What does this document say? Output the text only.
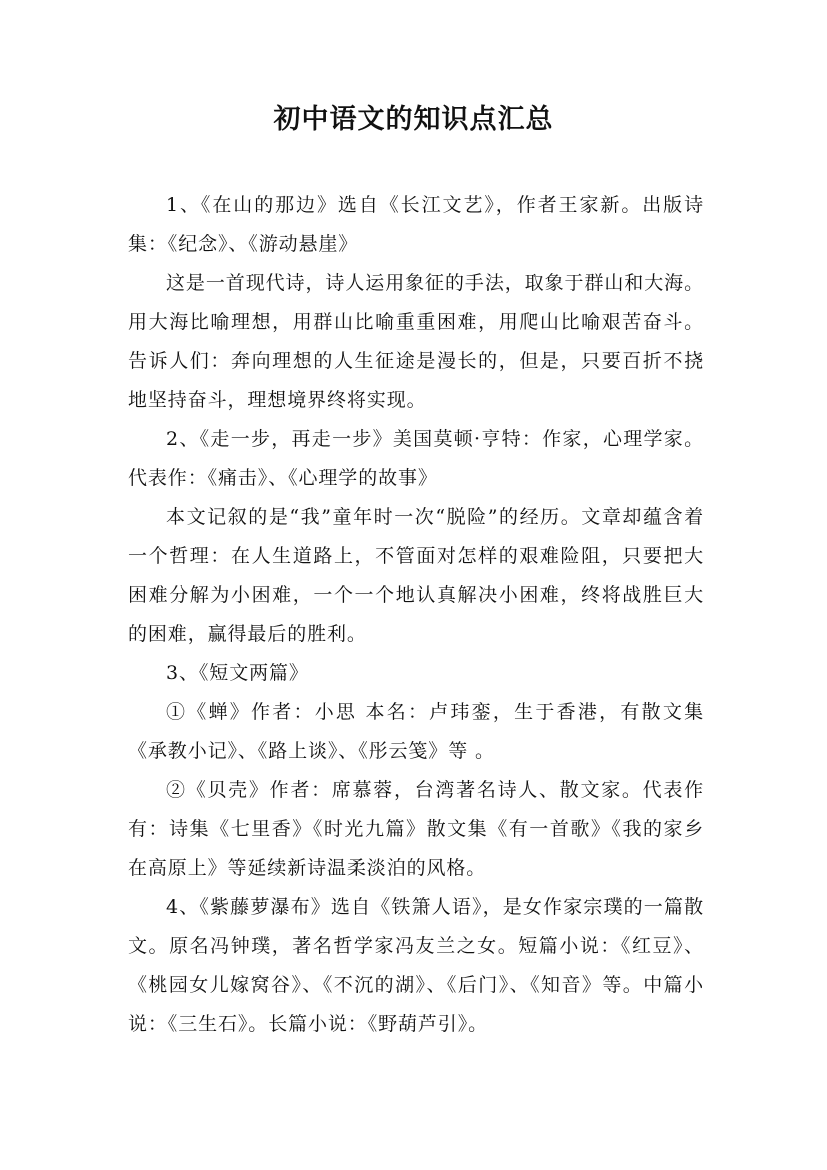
初中语文的知识点汇总

1、《在山的那边》选自《长江文艺》，作者王家新。出版诗集：《纪念》、《游动悬崖》

这是一首现代诗，诗人运用象征的手法，取象于群山和大海。用大海比喻理想，用群山比喻重重困难，用爬山比喻艰苦奋斗。告诉人们：奔向理想的人生征途是漫长的，但是，只要百折不挠地坚持奋斗，理想境界终将实现。

2、《走一步，再走一步》美国莫顿·亨特：作家，心理学家。代表作：《痛击》、《心理学的故事》

本文记叙的是“我”童年时一次“脱险”的经历。文章却蕴含着一个哲理：在人生道路上，不管面对怎样的艰难险阻，只要把大困难分解为小困难，一个一个地认真解决小困难，终将战胜巨大的困难，赢得最后的胜利。

3、《短文两篇》

①《蝉》作者：小思 本名：卢玮銮，生于香港，有散文集《承教小记》、《路上谈》、《彤云笺》等 。

②《贝壳》作者：席慕蓉，台湾著名诗人、散文家。代表作有：诗集《七里香》《时光九篇》散文集《有一首歌》《我的家乡在高原上》等延续新诗温柔淡泊的风格。

4、《紫藤萝瀑布》选自《铁箫人语》，是女作家宗璞的一篇散文。原名冯钟璞，著名哲学家冯友兰之女。短篇小说：《红豆》、《桃园女儿嫁窝谷》、《不沉的湖》、《后门》、《知音》等。中篇小说：《三生石》。长篇小说：《野葫芦引》。
